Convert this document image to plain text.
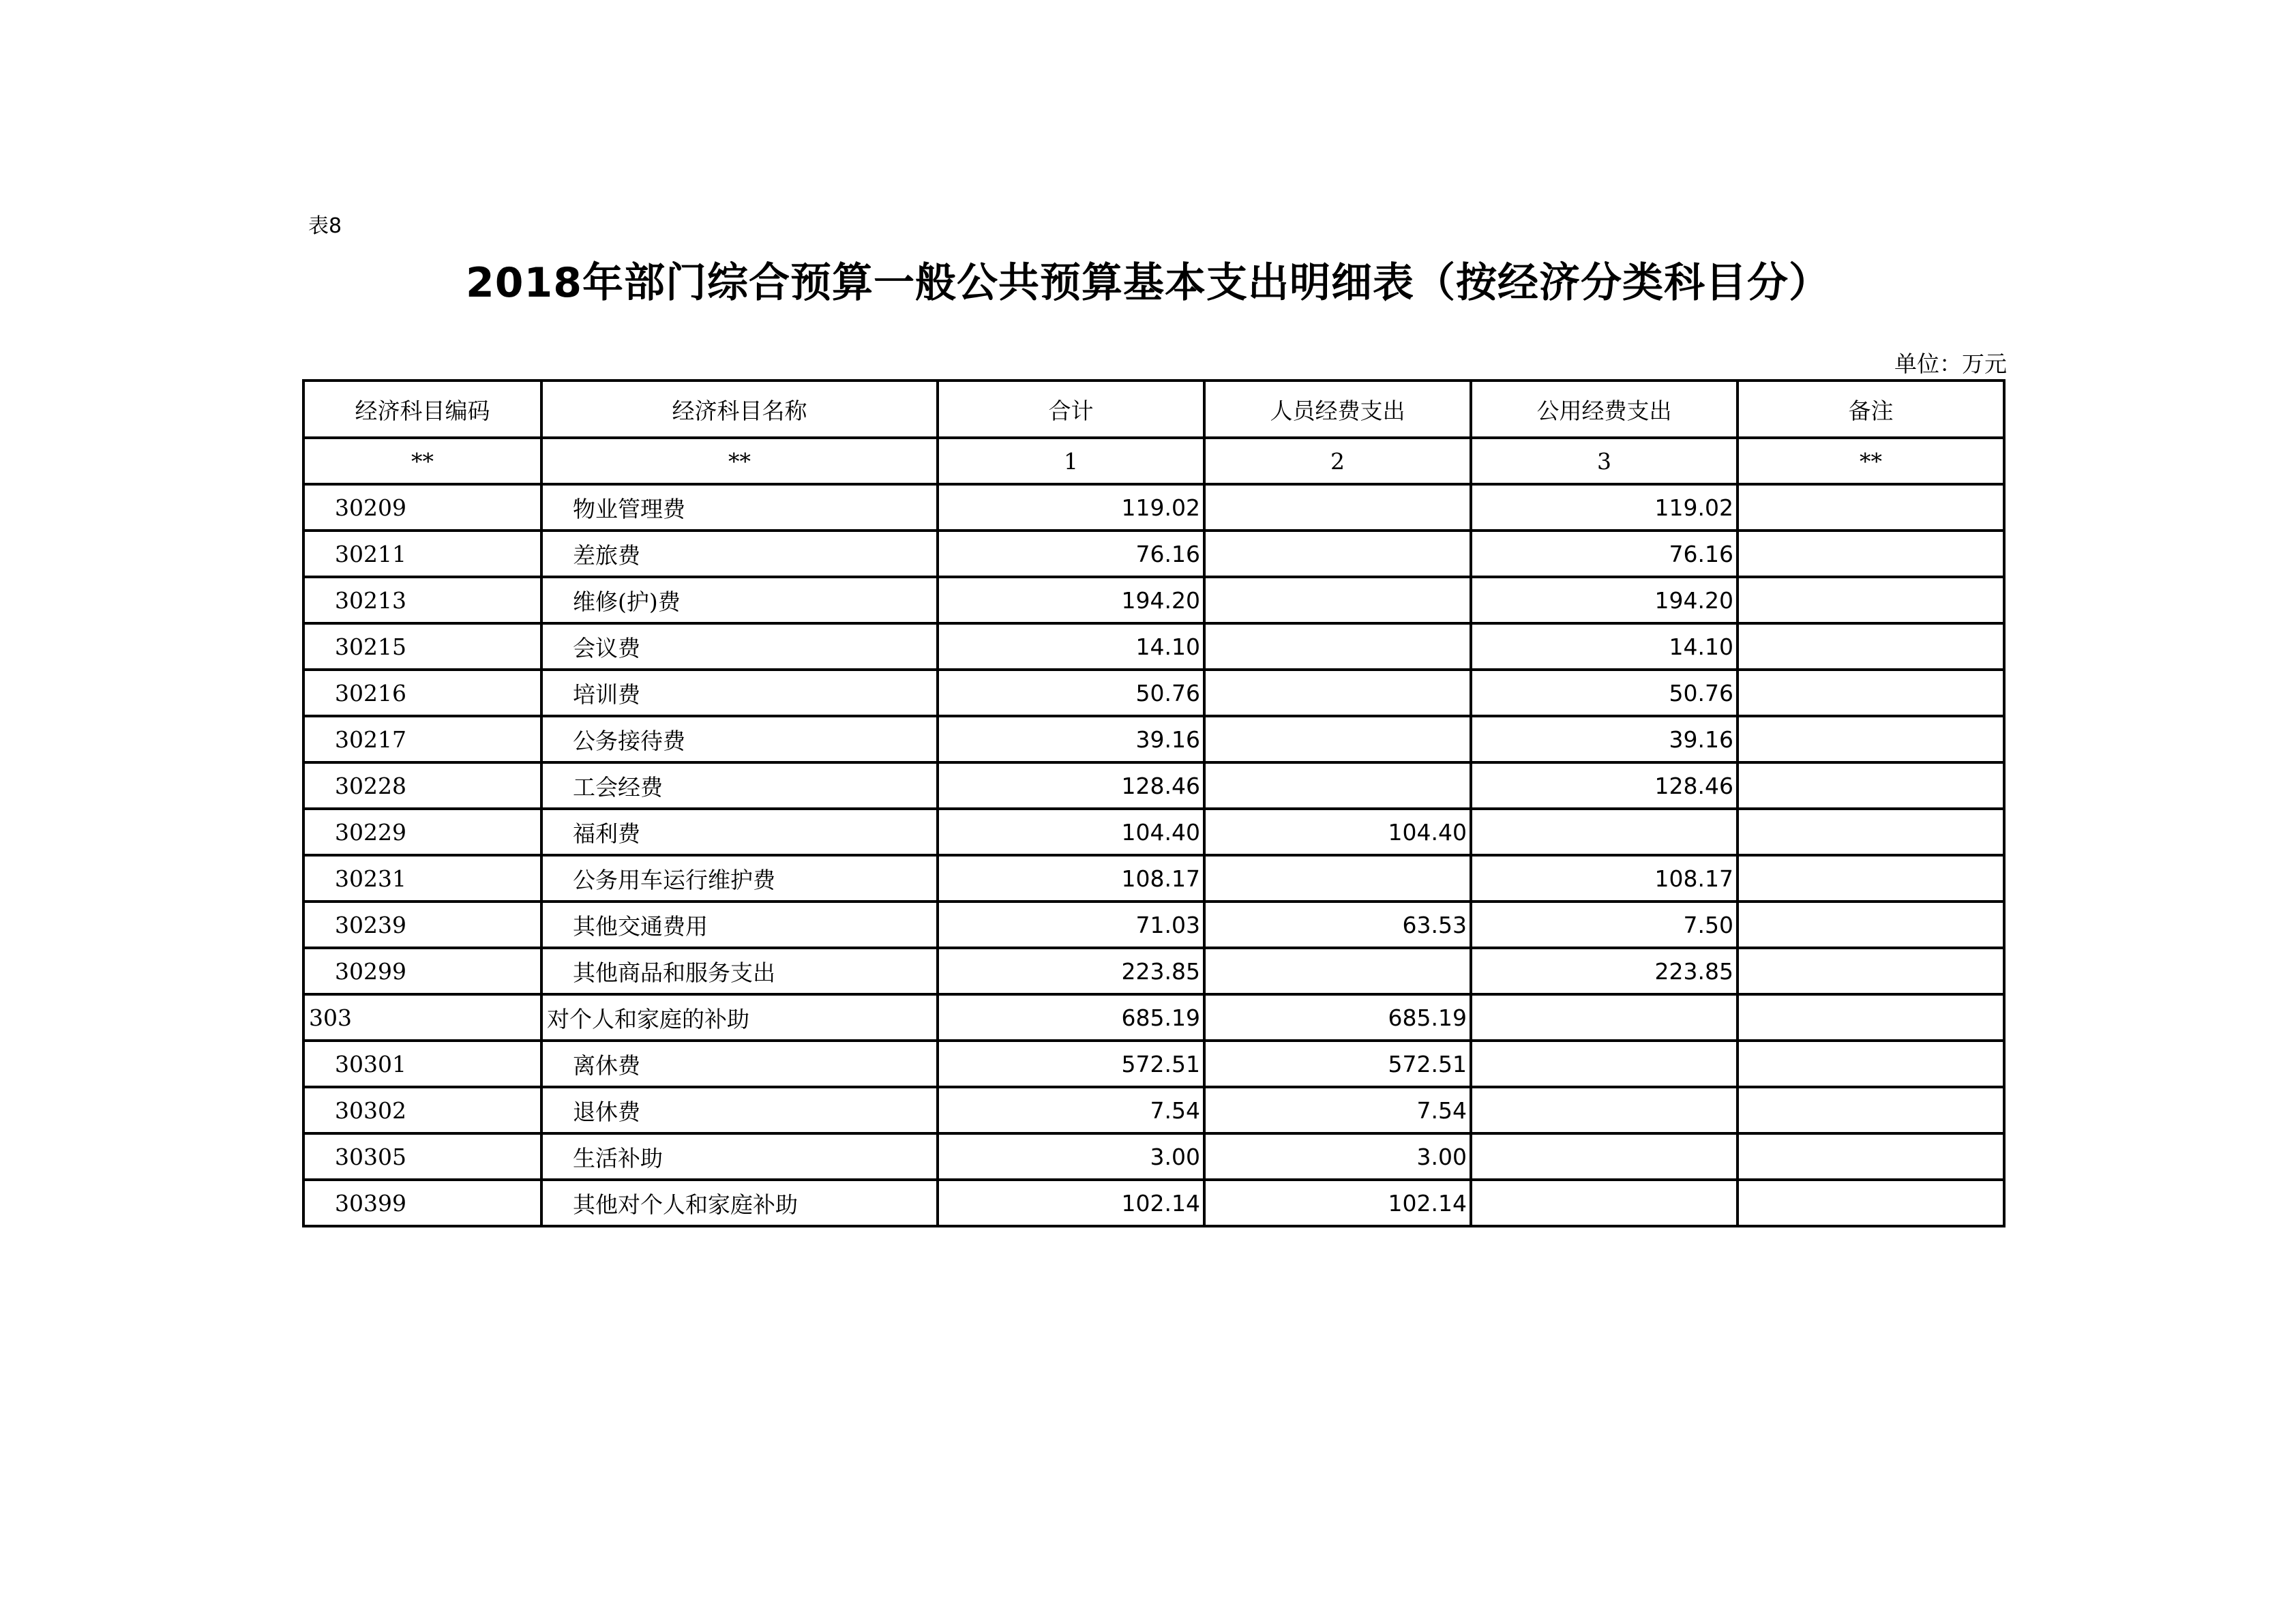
表8
2018年部门综合预算一般公共预算基本支出明细表（按经济分类科目分）
单位：万元
经济科目编码	经济科目名称	合计	人员经费支出	公用经费支出	备注
**	**	1	2	3	**
30209	物业管理费	119.02		119.02	
30211	差旅费	76.16		76.16	
30213	维修(护)费	194.20		194.20	
30215	会议费	14.10		14.10	
30216	培训费	50.76		50.76	
30217	公务接待费	39.16		39.16	
30228	工会经费	128.46		128.46	
30229	福利费	104.40	104.40		
30231	公务用车运行维护费	108.17		108.17	
30239	其他交通费用	71.03	63.53	7.50	
30299	其他商品和服务支出	223.85		223.85	
303	对个人和家庭的补助	685.19	685.19		
30301	离休费	572.51	572.51		
30302	退休费	7.54	7.54		
30305	生活补助	3.00	3.00		
30399	其他对个人和家庭补助	102.14	102.14		
